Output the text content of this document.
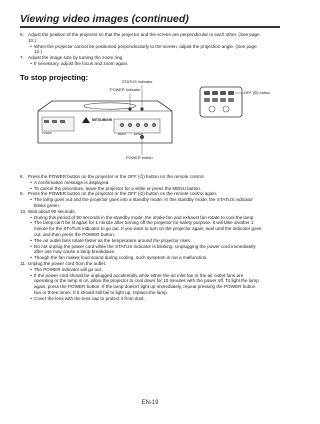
Viewing video images (continued)
6. Adjust the position of the projector so that the projector and the screen are perpendicular to each other. (See page
10.)
• When the projector cannot be positioned perpendicularly to the screen, adjust the projection angle. (See page
12.)
7. Adjust the image size by turning the zoom ring.
• If necessary, adjust the focus and zoom again.
To stop projecting:	STATUS indicator
POWER indicator
POWER button
OFF (⏻) button
MITSUBISHI
POWER	MENU	ENTER
8. Press the POWER button on the projector or the OFF (⏻) button on the remote control.
• A confirmation message is displayed.
• To cancel the procedure, leave the projector for a while or press the MENU button.
9. Press the POWER button on the projector or the OFF (⏻) button on the remote control again.
• The lamp goes out and the projector goes into a standby mode. In this standby mode, the STATUS indicator
blinks green.
10. Wait about 90 seconds.
• During this period of 90 seconds in the standby mode, the intake fan and exhaust fan rotate to cool the lamp.
• The lamp can't be lit again for 1 minute after turning off the projector for safety purpose. It will take another 1
minute for the STATUS indicator to go out. If you want to turn on the projector again, wait until the indicator goes
out, and then press the POWER button.
• The air outlet fans rotate faster as the temperature around the projector rises.
• Do not unplug the power cord while the STATUS indicator is blinking. Unplugging the power cord immediately
after use may cause a lamp breakdown.
• Though the fan makes loud sound during cooling, such symptom is not a malfunction.
11. Unplug the power cord from the outlet.
• The POWER indicator will go out.
• If the power cord should be unplugged accidentally while either the air inlet fan or the air outlet fans are
operating or the lamp is on, allow the projector to cool down for 10 minutes with the power off. To light the lamp
again, press the POWER button. If the lamp doesn't light up immediately, repeat pressing the POWER button
two or three times. If it should still fail to light up, replace the lamp.
• Cover the lens with the lens cap to protect it from dust.
EN-19
